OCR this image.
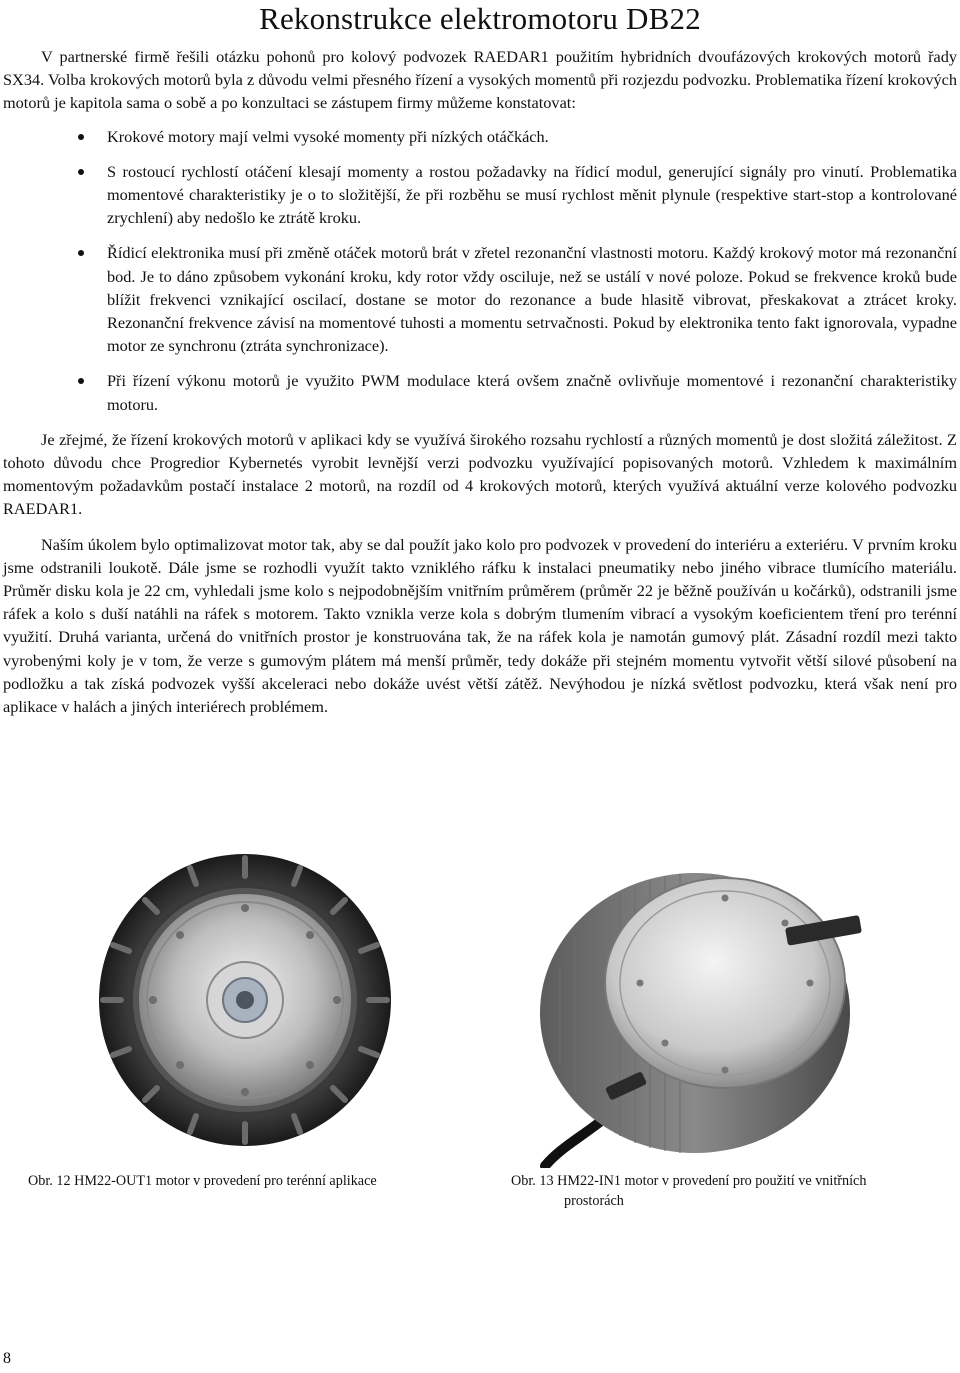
Rekonstrukce elektromotoru DB22

V partnerské firmě řešili otázku pohonů pro kolový podvozek RAEDAR1 použitím hybridních dvoufázových krokových motorů řady SX34. Volba krokových motorů byla z důvodu velmi přesného řízení a vysokých momentů při rozjezdu podvozku. Problematika řízení krokových motorů je kapitola sama o sobě a po konzultaci se zástupem firmy můžeme konstatovat:

Krokové motory mají velmi vysoké momenty při nízkých otáčkách.
S rostoucí rychlostí otáčení klesají momenty a rostou požadavky na řídicí modul, generující signály pro vinutí. Problematika momentové charakteristiky je o to složitější, že při rozběhu se musí rychlost měnit plynule (respektive start-stop a kontrolované zrychlení) aby nedošlo ke ztrátě kroku.
Řídicí elektronika musí při změně otáček motorů brát v zřetel rezonanční vlastnosti motoru. Každý krokový motor má rezonanční bod. Je to dáno způsobem vykonání kroku, kdy rotor vždy osciluje, než se ustálí v nové poloze. Pokud se frekvence kroků bude blížit frekvenci vznikající oscilací, dostane se motor do rezonance a bude hlasitě vibrovat, přeskakovat a ztrácet kroky. Rezonanční frekvence závisí na momentové tuhosti a momentu setrvačnosti. Pokud by elektronika tento fakt ignorovala, vypadne motor ze synchronu (ztráta synchronizace).
Při řízení výkonu motorů je využito PWM modulace která ovšem značně ovlivňuje momentové i rezonanční charakteristiky motoru.

Je zřejmé, že řízení krokových motorů v aplikaci kdy se využívá širokého rozsahu rychlostí a různých momentů je dost složitá záležitost. Z tohoto důvodu chce Progredior Kybernetés vyrobit levnější verzi podvozku využívající popisovaných motorů. Vzhledem k maximálním momentovým požadavkům postačí instalace 2 motorů, na rozdíl od 4 krokových motorů, kterých využívá aktuální verze kolového podvozku RAEDAR1.

Naším úkolem bylo optimalizovat motor tak, aby se dal použít jako kolo pro podvozek v provedení do interiéru a exteriéru. V prvním kroku jsme odstranili loukotě. Dále jsme se rozhodli využít takto vzniklého ráfku k instalaci pneumatiky nebo jiného vibrace tlumícího materiálu. Průměr disku kola je 22 cm, vyhledali jsme kolo s nejpodobnějším vnitřním průměrem (průměr 22 je běžně používán u kočárků), odstranili jsme ráfek a kolo s duší natáhli na ráfek s motorem. Takto vznikla verze kola s dobrým tlumením vibrací a vysokým koeficientem tření pro terénní využití. Druhá varianta, určená do vnitřních prostor je konstruována tak, že na ráfek kola je namotán gumový plát. Zásadní rozdíl mezi takto vyrobenými koly je v tom, že verze s gumovým plátem má menší průměr, tedy dokáže při stejném momentu vytvořit větší silové působení na podložku a tak získá podvozek vyšší akceleraci nebo dokáže uvést větší zátěž. Nevýhodou je nízká světlost podvozku, která však není pro aplikace v halách a jiných interiérech problémem.

Obr. 12 HM22-OUT1 motor v provedení pro terénní aplikace	Obr. 13 HM22-IN1 motor v provedení pro použití ve vnitřních
prostorách
8
